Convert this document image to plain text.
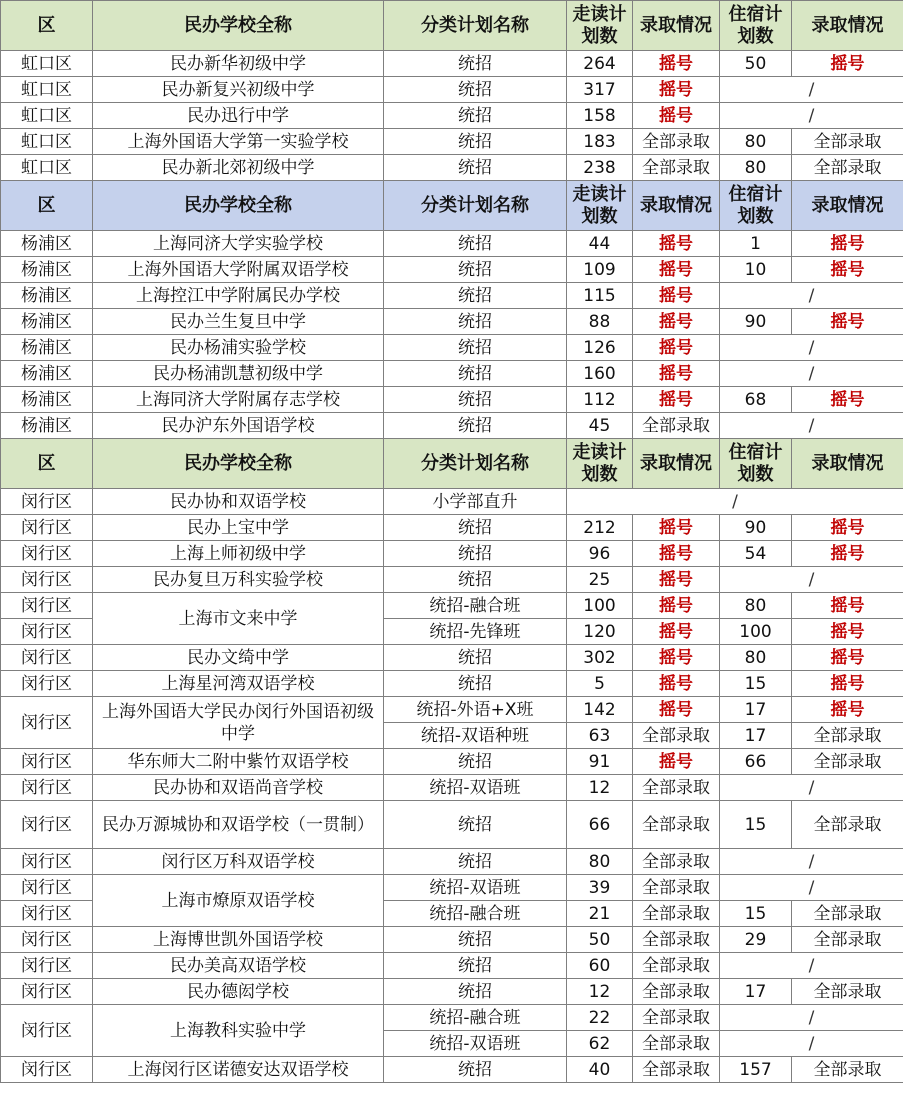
区	民办学校全称	分类计划名称	走读计划数	录取情况	住宿计划数	录取情况
虹口区	民办新华初级中学	统招	264	摇号	50	摇号
虹口区	民办新复兴初级中学	统招	317	摇号	/	
虹口区	民办迅行中学	统招	158	摇号	/	
虹口区	上海外国语大学第一实验学校	统招	183	全部录取	80	全部录取
虹口区	民办新北郊初级中学	统招	238	全部录取	80	全部录取
区	民办学校全称	分类计划名称	走读计划数	录取情况	住宿计划数	录取情况
杨浦区	上海同济大学实验学校	统招	44	摇号	1	摇号
杨浦区	上海外国语大学附属双语学校	统招	109	摇号	10	摇号
杨浦区	上海控江中学附属民办学校	统招	115	摇号	/	
杨浦区	民办兰生复旦中学	统招	88	摇号	90	摇号
杨浦区	民办杨浦实验学校	统招	126	摇号	/	
杨浦区	民办杨浦凯慧初级中学	统招	160	摇号	/	
杨浦区	上海同济大学附属存志学校	统招	112	摇号	68	摇号
杨浦区	民办沪东外国语学校	统招	45	全部录取	/	
区	民办学校全称	分类计划名称	走读计划数	录取情况	住宿计划数	录取情况
闵行区	民办协和双语学校	小学部直升	/			
闵行区	民办上宝中学	统招	212	摇号	90	摇号
闵行区	上海上师初级中学	统招	96	摇号	54	摇号
闵行区	民办复旦万科实验学校	统招	25	摇号	/	
闵行区	上海市文来中学	统招-融合班	100	摇号	80	摇号
闵行区		统招-先锋班	120	摇号	100	摇号
闵行区	民办文绮中学	统招	302	摇号	80	摇号
闵行区	上海星河湾双语学校	统招	5	摇号	15	摇号
闵行区	上海外国语大学民办闵行外国语初级中学	统招-外语+X班	142	摇号	17	摇号
		统招-双语种班	63	全部录取	17	全部录取
闵行区	华东师大二附中紫竹双语学校	统招	91	摇号	66	全部录取
闵行区	民办协和双语尚音学校	统招-双语班	12	全部录取	/	
闵行区	民办万源城协和双语学校（一贯制）	统招	66	全部录取	15	全部录取
闵行区	闵行区万科双语学校	统招	80	全部录取	/	
闵行区	上海市燎原双语学校	统招-双语班	39	全部录取	/	
闵行区		统招-融合班	21	全部录取	15	全部录取
闵行区	上海博世凯外国语学校	统招	50	全部录取	29	全部录取
闵行区	民办美高双语学校	统招	60	全部录取	/	
闵行区	民办德闳学校	统招	12	全部录取	17	全部录取
闵行区	上海教科实验中学	统招-融合班	22	全部录取	/	
		统招-双语班	62	全部录取	/	
闵行区	上海闵行区诺德安达双语学校	统招	40	全部录取	157	全部录取
